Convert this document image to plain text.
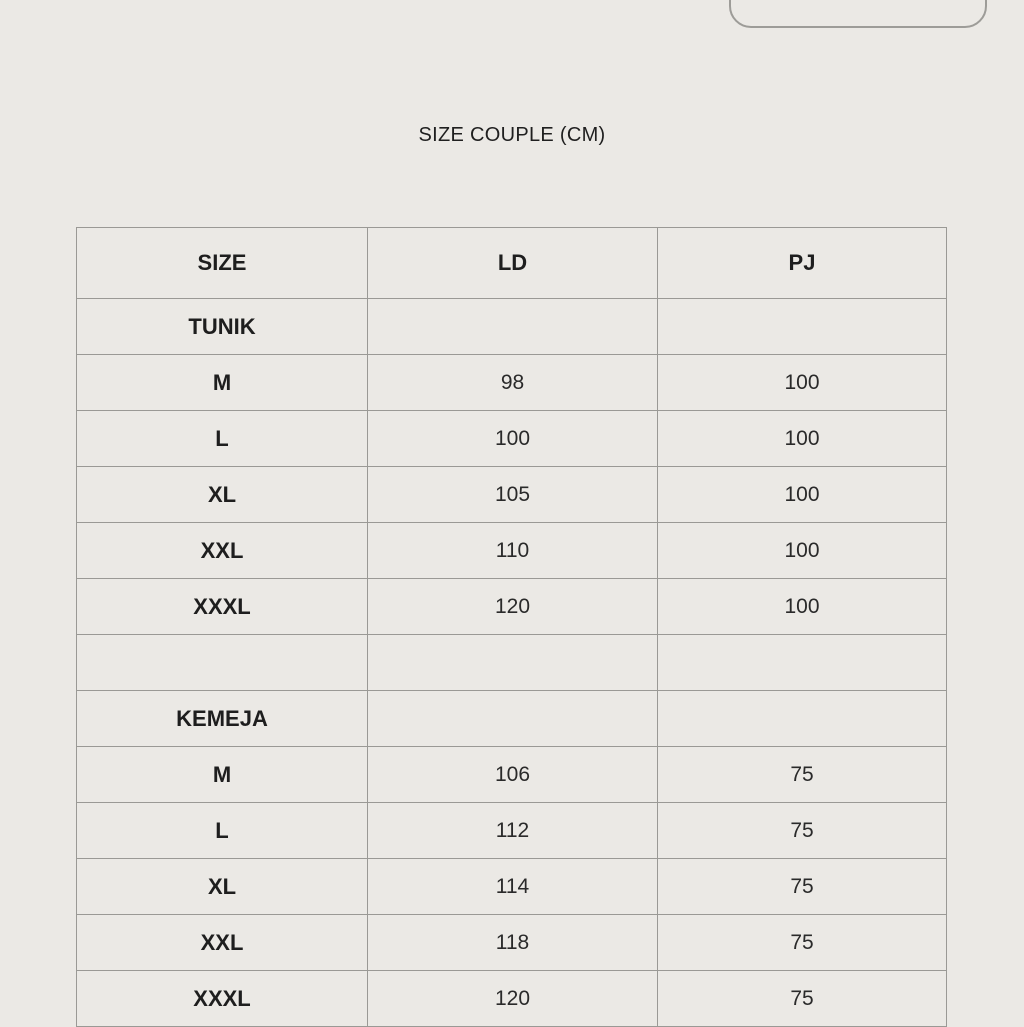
SIZE COUPLE (CM)
SIZE	LD	PJ
TUNIK		
M	98	100
L	100	100
XL	105	100
XXL	110	100
XXXL	120	100

KEMEJA		
M	106	75
L	112	75
XL	114	75
XXL	118	75
XXXL	120	75
